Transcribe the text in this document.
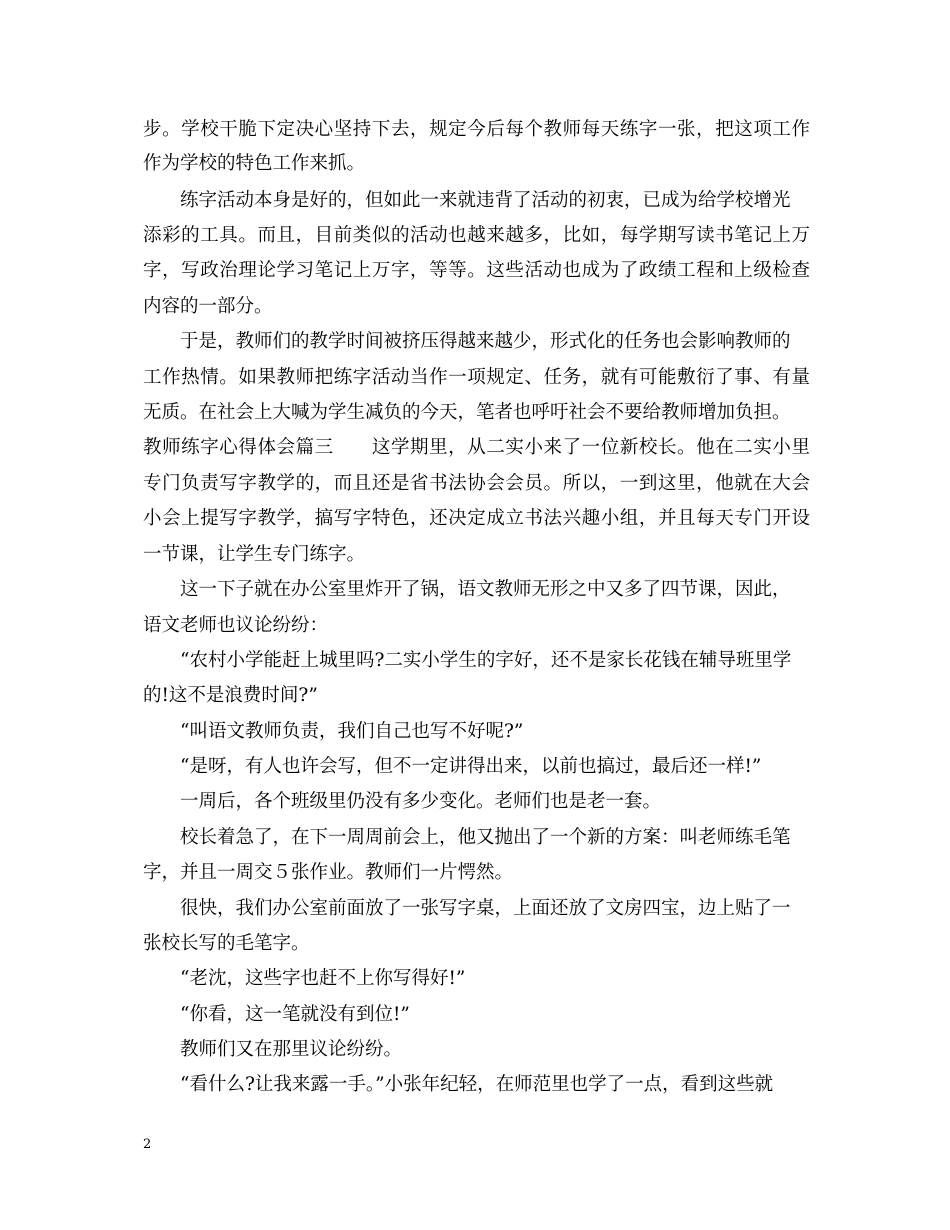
步。学校干脆下定决心坚持下去，规定今后每个教师每天练字一张，把这项工作
作为学校的特色工作来抓。
练字活动本身是好的，但如此一来就违背了活动的初衷，已成为给学校增光
添彩的工具。而且，目前类似的活动也越来越多，比如，每学期写读书笔记上万
字，写政治理论学习笔记上万字，等等。这些活动也成为了政绩工程和上级检查
内容的一部分。
于是，教师们的教学时间被挤压得越来越少，形式化的任务也会影响教师的
工作热情。如果教师把练字活动当作一项规定、任务，就有可能敷衍了事、有量
无质。在社会上大喊为学生减负的今天，笔者也呼吁社会不要给教师增加负担。
教师练字心得体会篇三　　这学期里，从二实小来了一位新校长。他在二实小里
专门负责写字教学的，而且还是省书法协会会员。所以，一到这里，他就在大会
小会上提写字教学，搞写字特色，还决定成立书法兴趣小组，并且每天专门开设
一节课，让学生专门练字。
这一下子就在办公室里炸开了锅，语文教师无形之中又多了四节课，因此，
语文老师也议论纷纷：
“农村小学能赶上城里吗?二实小学生的字好，还不是家长花钱在辅导班里学
的!这不是浪费时间?”
“叫语文教师负责，我们自己也写不好呢?”
“是呀，有人也许会写，但不一定讲得出来，以前也搞过，最后还一样!”
一周后，各个班级里仍没有多少变化。老师们也是老一套。
校长着急了，在下一周周前会上，他又抛出了一个新的方案：叫老师练毛笔
字，并且一周交５张作业。教师们一片愕然。
很快，我们办公室前面放了一张写字桌，上面还放了文房四宝，边上贴了一
张校长写的毛笔字。
“老沈，这些字也赶不上你写得好!”
“你看，这一笔就没有到位!”
教师们又在那里议论纷纷。
“看什么?让我来露一手。”小张年纪轻，在师范里也学了一点，看到这些就
2
